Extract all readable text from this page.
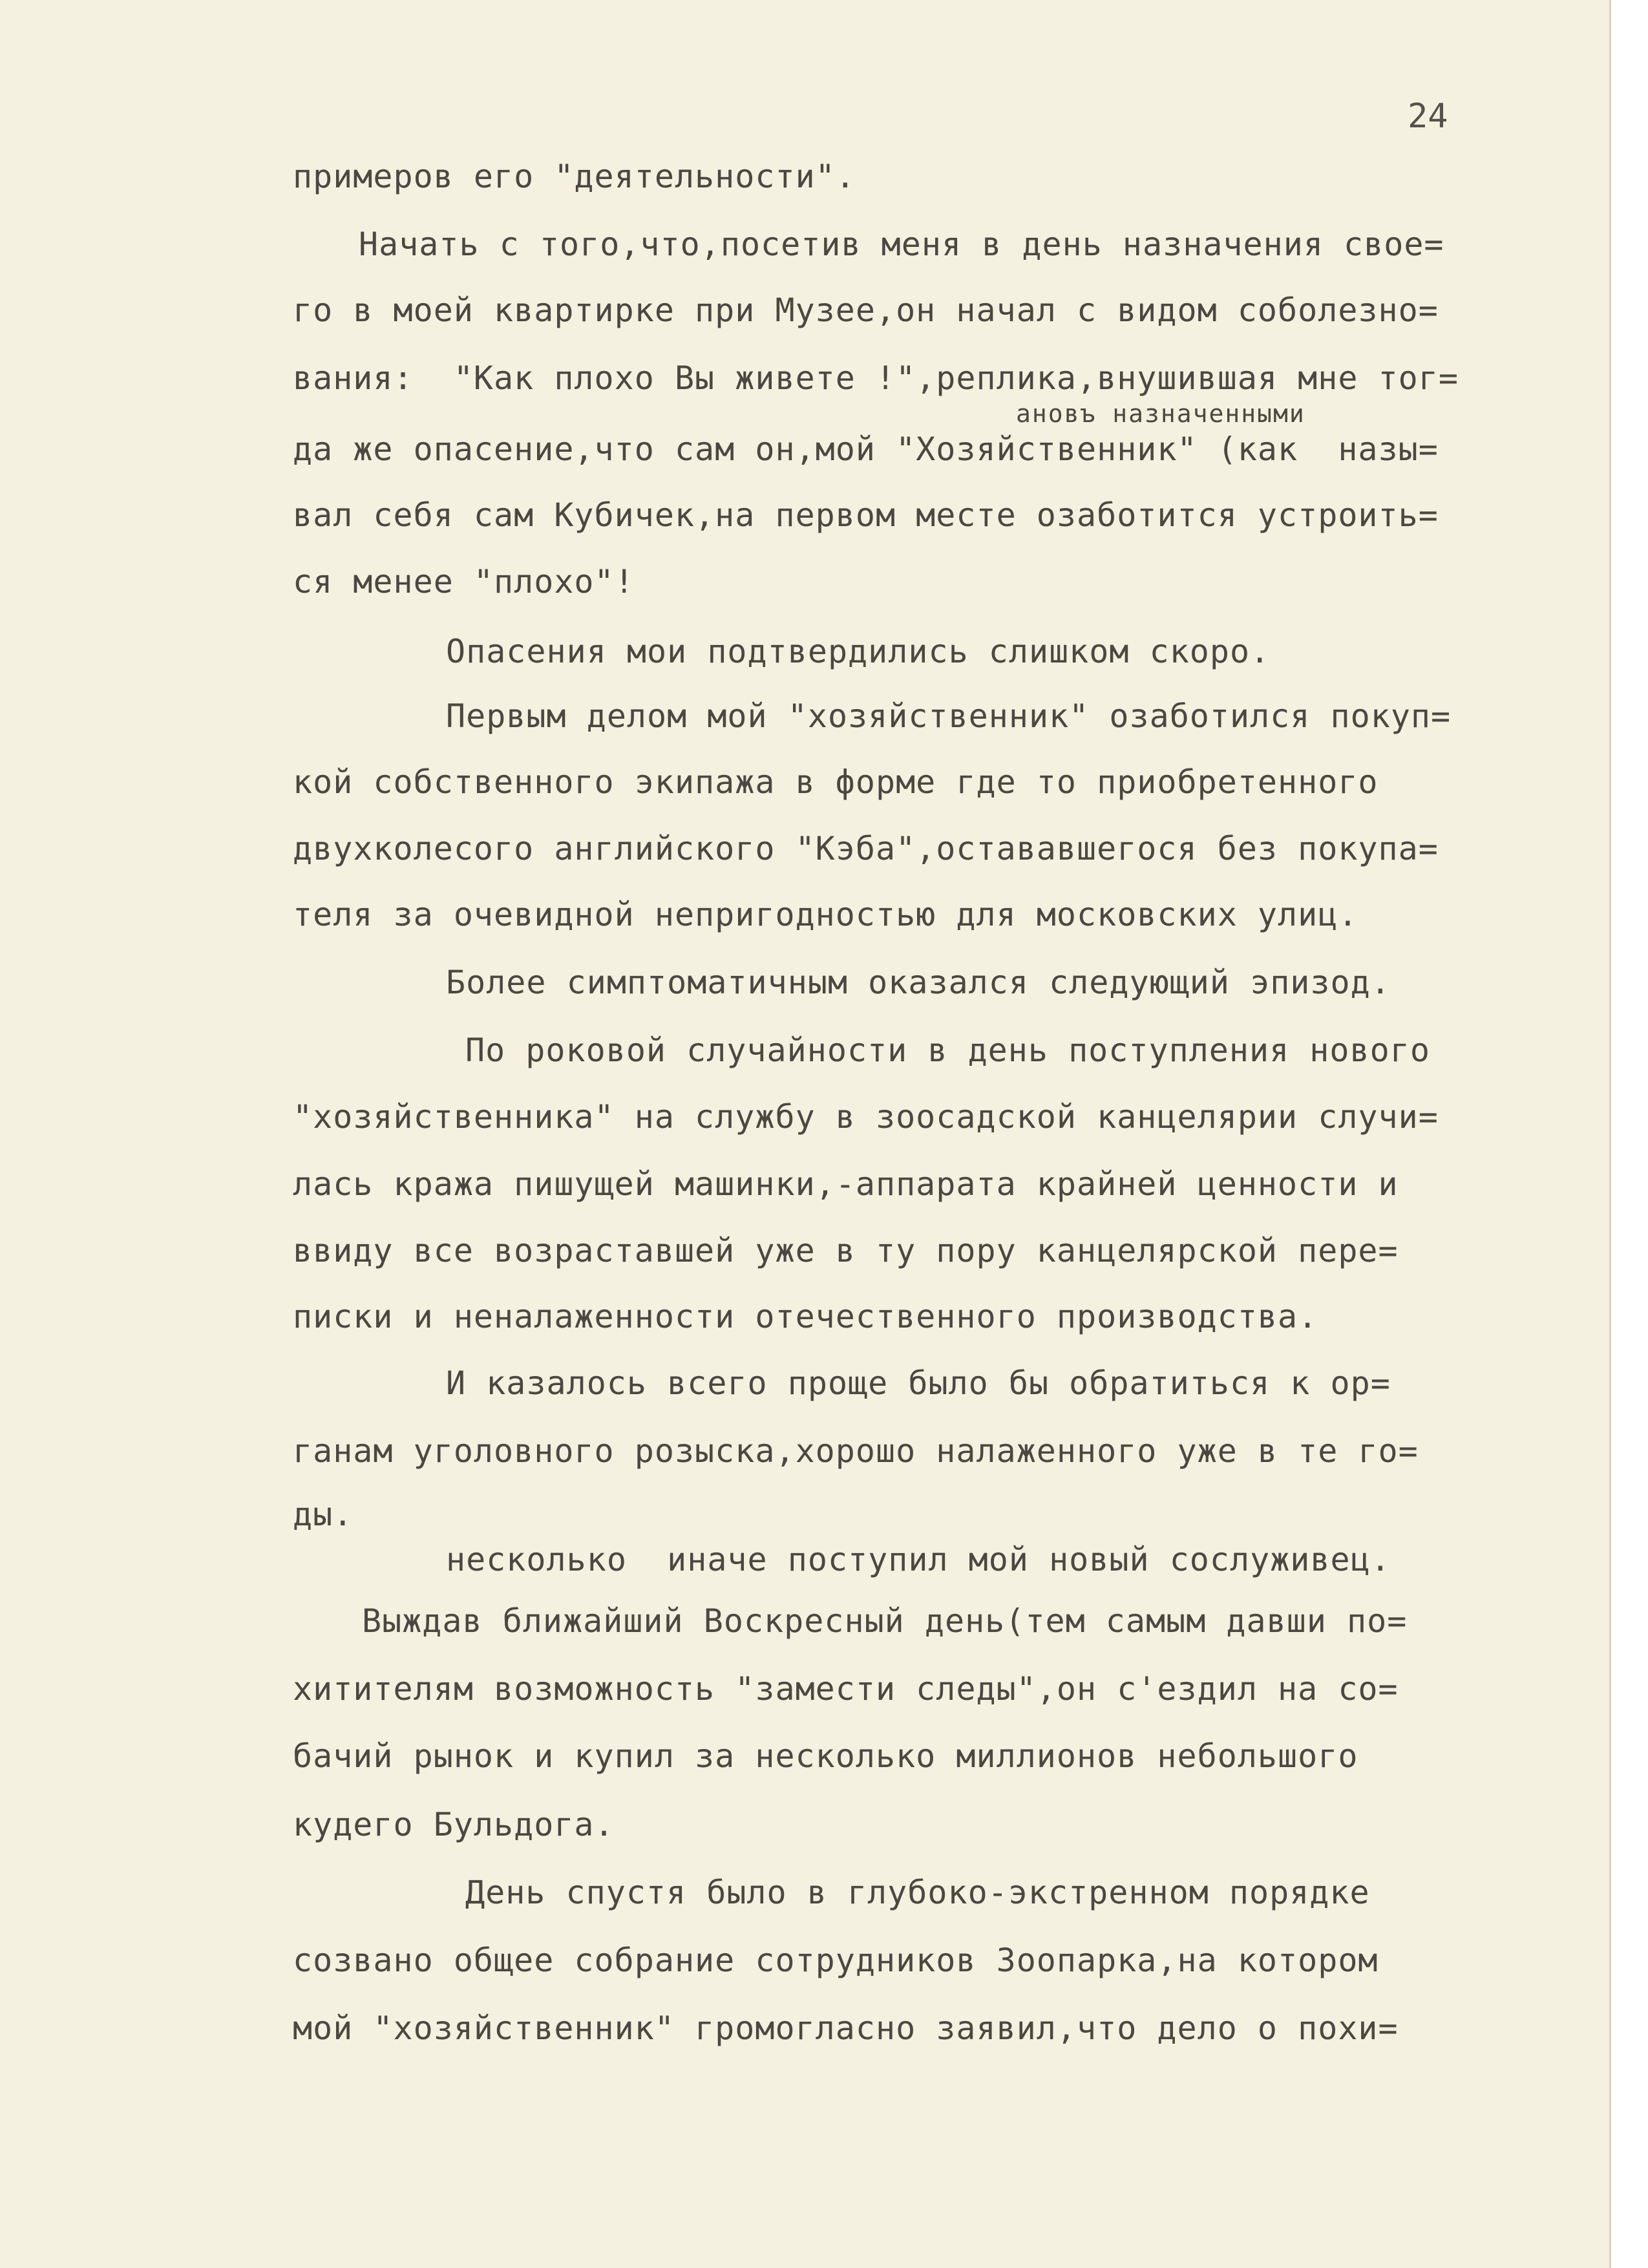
24
примеров его "деятельности".
Начать с того,что,посетив меня в день назначения свое=
го в моей квартирке при Музее,он начал с видом соболезно=
вания:  "Как плохо Вы живете !",реплика,внушившая мне тог=
ановъ назначенными
да же опасение,что сам он,мой "Хозяйственник" (как  назы=
вал себя сам Кубичек,на первом месте озаботится устроить=
ся менее "плохо"!
Опасения мои подтвердились слишком скоро.
Первым делом мой "хозяйственник" озаботился покуп=
кой собственного экипажа в форме где то приобретенного
двухколесого английского "Кэба",остававшегося без покупа=
теля за очевидной непригодностью для московских улиц.
Более симптоматичным оказался следующий эпизод.
По роковой случайности в день поступления нового
"хозяйственника" на службу в зоосадской канцелярии случи=
лась кража пишущей машинки,-аппарата крайней ценности и
ввиду все возраставшей уже в ту пору канцелярской пере=
писки и неналаженности отечественного производства.
И казалось всего проще было бы обратиться к ор=
ганам уголовного розыска,хорошо налаженного уже в те го=
ды.
несколько  иначе поступил мой новый сослуживец.
Выждав ближайший Воскресный день(тем самым давши по=
хитителям возможность "замести следы",он с'ездил на со=
бачий рынок и купил за несколько миллионов небольшого
кудего Бульдога.
День спустя было в глубоко-экстренном порядке
созвано общее собрание сотрудников Зоопарка,на котором
мой "хозяйственник" громогласно заявил,что дело о похи=
